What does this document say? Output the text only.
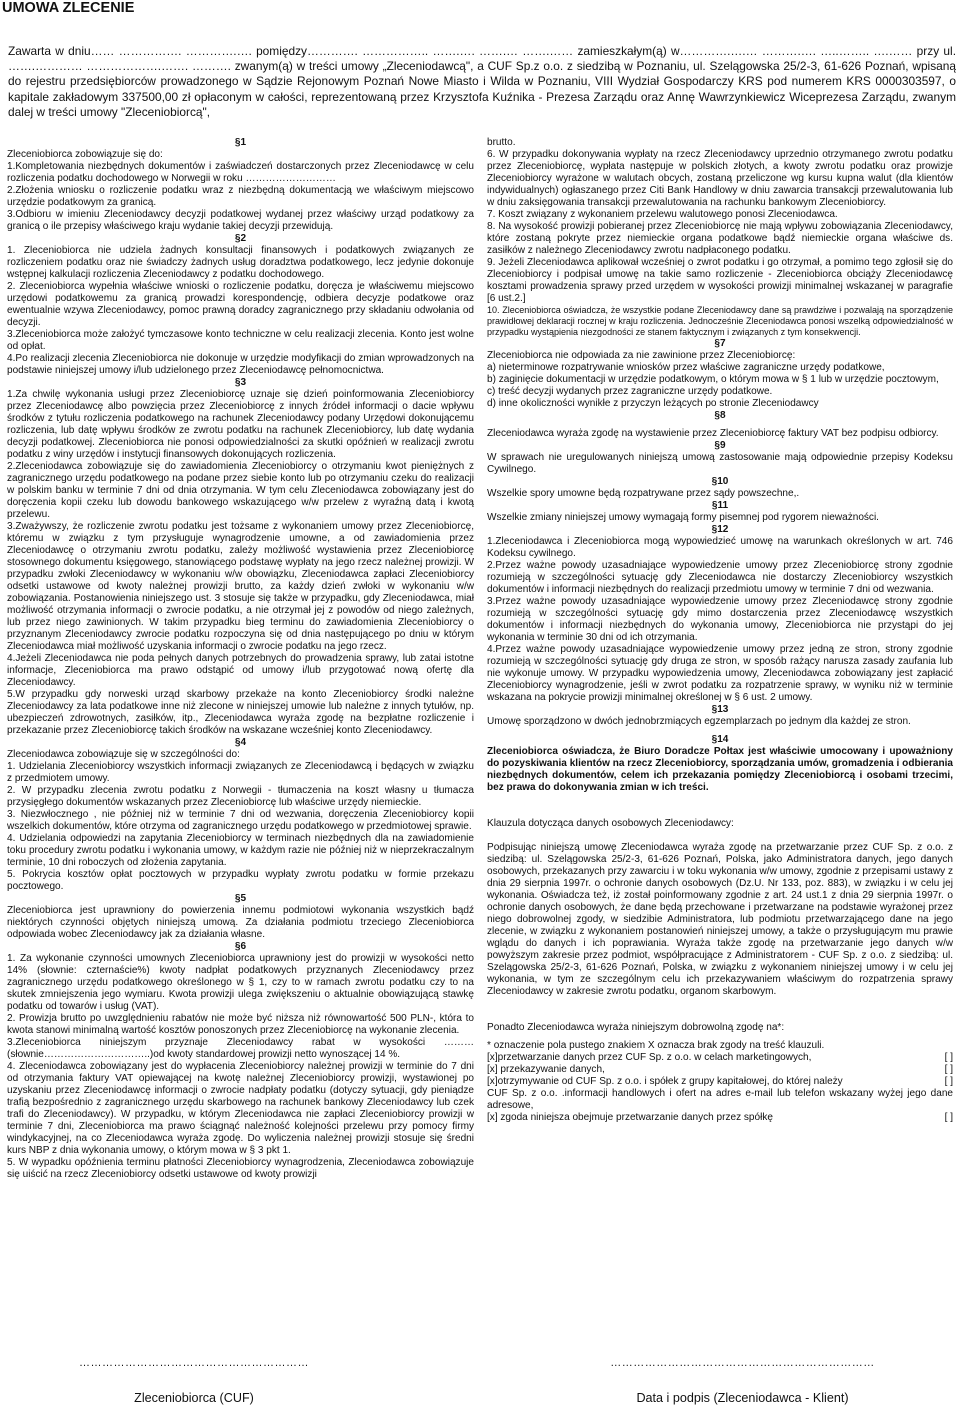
UMOWA ZLECENIE

Zawarta w dniu…… ……………. ………….…. pomiędzy…………. …………….. …….…. …….… …….…… zamieszkałym(ą) w………….….… ……….…. …..…….. ….…… przy ul. …….………… ……………….……. ………. zwanym(ą) w treści umowy „Zleceniodawcą", a CUF Sp.z o.o. z siedzibą w Poznaniu, ul. Szelągowska 25/2-3, 61-626 Poznań, wpisaną do rejestru przedsiębiorców prowadzonego w Sądzie Rejonowym Poznań Nowe Miasto i Wilda w Poznaniu, VIII Wydział Gospodarczy KRS pod numerem KRS 0000303597, o kapitale zakładowym 337500,00 zł opłaconym w całości, reprezentowaną przez Krzysztofa Kuźnika - Prezesa Zarządu oraz Annę Wawrzynkiewicz Wiceprezesa Zarządu, zwanym dalej w treści umowy "Zleceniobiorcą",

§1

Zleceniobiorca zobowiązuje się do:

1.Kompletowania niezbędnych dokumentów i zaświadczeń dostarczonych przez Zleceniodawcę w celu rozliczenia podatku dochodowego w Norwegii w roku ………………………

2.Złożenia wniosku o rozliczenie podatku wraz z niezbędną dokumentacją we właściwym miejscowo urzędzie podatkowym za granicą.

3.Odbioru w imieniu Zleceniodawcy decyzji podatkowej wydanej przez właściwy urząd podatkowy za granicą o ile przepisy właściwego kraju wydanie takiej decyzji przewidują.

§2

1. Zleceniobiorca nie udziela żadnych konsultacji finansowych i podatkowych związanych ze rozliczeniem podatku oraz nie świadczy żadnych usług doradztwa podatkowego, lecz jedynie dokonuje wstępnej kalkulacji rozliczenia Zleceniodawcy z podatku dochodowego.

2. Zleceniobiorca wypełnia właściwe wnioski o rozliczenie podatku, doręcza je właściwemu miejscowo urzędowi podatkowemu za granicą prowadzi korespondencję, odbiera decyzje podatkowe oraz ewentualnie wzywa Zleceniodawcy, pomoc prawną doradcy zagranicznego przy składaniu odwołania od decyzji.

3.Zleceniobiorca może założyć tymczasowe konto techniczne w celu realizacji zlecenia. Konto jest wolne od opłat.

4.Po realizacji zlecenia Zleceniobiorca nie dokonuje w urzędzie modyfikacji do zmian wprowadzonych na podstawie niniejszej umowy i/lub udzielonego przez Zleceniodawcę pełnomocnictwa.

§3

1.Za chwilę wykonania usługi przez Zleceniobiorcę uznaje się dzień poinformowania Zleceniobiorcy przez Zleceniodawcę albo powzięcia przez Zleceniobiorcę z innych źródeł informacji o dacie wpływu środków z tytułu rozliczenia podatkowego na rachunek Zleceniodawcy podany Urzędowi dokonującemu rozliczenia, lub datę wpływu środków ze zwrotu podatku na rachunek Zleceniobiorcy, lub datę wydania decyzji podatkowej. Zleceniobiorca nie ponosi odpowiedzialności za skutki opóźnień w realizacji zwrotu podatku z winy urzędów i instytucji finansowych dokonujących rozliczenia.

2.Zleceniodawca zobowiązuje się do zawiadomienia Zleceniobiorcy o otrzymaniu kwot pieniężnych z zagranicznego urzędu podatkowego na podane przez siebie konto lub po otrzymaniu czeku do realizacji w polskim banku w terminie 7 dni od dnia otrzymania. W tym celu Zleceniodawca zobowiązany jest do doręczenia kopii czeku lub dowodu bankowego wskazującego w/w przelew z wyraźną datą i kwotą przelewu.

3.Zważywszy, że rozliczenie zwrotu podatku jest tożsame z wykonaniem umowy przez Zleceniobiorcę, któremu w związku z tym przysługuje wynagrodzenie umowne, a od zawiadomienia przez Zleceniodawcę o otrzymaniu zwrotu podatku, zależy możliwość wystawienia przez Zleceniobiorcę stosownego dokumentu księgowego, stanowiącego podstawę wypłaty na jego rzecz należnej prowizji. W przypadku zwłoki Zleceniodawcy w wykonaniu w/w obowiązku, Zleceniodawca zapłaci Zleceniobiorcy odsetki ustawowe od kwoty należnej prowizji brutto, za każdy dzień zwłoki w wykonaniu w/w zobowiązania. Postanowienia niniejszego ust. 3 stosuje się także w przypadku, gdy Zleceniodawca, miał możliwość otrzymania informacji o zwrocie podatku, a nie otrzymał jej z powodów od niego zależnych, lub przez niego zawinionych. W takim przypadku bieg terminu do zawiadomienia Zleceniobiorcy o przyznanym Zleceniodawcy zwrocie podatku rozpoczyna się od dnia następującego po dniu w którym Zleceniodawca miał możliwość uzyskania informacji o zwrocie podatku na jego rzecz.

4.Jeżeli Zleceniodawca nie poda pełnych danych potrzebnych do prowadzenia sprawy, lub zatai istotne informacje, Zleceniobiorca ma prawo odstąpić od umowy i/lub przygotować nową ofertę dla Zleceniodawcy.

5.W przypadku gdy norweski urząd skarbowy przekaże na konto Zleceniobiorcy środki należne Zleceniodawcy za lata podatkowe inne niż zlecone w niniejszej umowie lub należne z innych tytułów, np. ubezpieczeń zdrowotnych, zasiłków, itp., Zleceniodawca wyraża zgodę na bezpłatne rozliczenie i przekazanie przez Zleceniobiorcę takich środków na wskazane wcześniej konto Zleceniodawcy.

§4

Zleceniodawca zobowiązuje się w szczególności do:

1. Udzielania Zleceniobiorcy wszystkich informacji związanych ze Zleceniodawcą i będących w związku z przedmiotem umowy.

2. W przypadku zlecenia zwrotu podatku z Norwegii - tłumaczenia na koszt własny u tłumacza przysięgłego dokumentów wskazanych przez Zleceniobiorcę lub właściwe urzędy niemieckie.

3. Niezwłocznego , nie później niż w terminie 7 dni od wezwania, doręczenia Zleceniobiorcy kopii wszelkich dokumentów, które otrzyma od zagranicznego urzędu podatkowego w przedmiotowej sprawie.

4. Udzielania odpowiedzi na zapytania Zleceniobiorcy w terminach niezbędnych dla na zawiadomienie toku procedury zwrotu podatku i wykonania umowy, w każdym razie nie później niż w nieprzekraczalnym terminie, 10 dni roboczych od złożenia zapytania.

5. Pokrycia kosztów opłat pocztowych w przypadku wypłaty zwrotu podatku w formie przekazu pocztowego.

§5

Zleceniobiorca jest uprawniony do powierzenia innemu podmiotowi wykonania wszystkich bądź niektórych czynności objętych niniejszą umową. Za działania podmiotu trzeciego Zleceniobiorca odpowiada wobec Zleceniodawcy jak za działania własne.

§6

1. Za wykonanie czynności umownych Zleceniobiorca uprawniony jest do prowizji w wysokości netto 14% (słownie: czternaście%) kwoty nadpłat podatkowych przyznanych Zleceniodawcy przez zagranicznego urzędu podatkowego określonego w § 1, czy to w ramach zwrotu podatku czy to na skutek zmniejszenia jego wymiaru. Kwota prowizji ulega zwiększeniu o aktualnie obowiązującą stawkę podatku od towarów i usług (VAT).

2. Prowizja brutto po uwzględnieniu rabatów nie może być niższa niż równowartość 500 PLN-, która to kwota stanowi minimalną wartość kosztów ponoszonych przez Zleceniobiorcę na wykonanie zlecenia.

3.Zleceniobiorca niniejszym przyznaje Zleceniodawcy rabat w wysokości ………(słownie…………………………..)od kwoty standardowej prowizji netto wynoszącej 14 %.

4. Zleceniodawca zobowiązany jest do wypłacenia Zleceniobiorcy należnej prowizji w terminie do 7 dni od otrzymania faktury VAT opiewającej na kwotę należnej Zleceniobiorcy prowizji, wystawionej po uzyskaniu przez Zleceniodawcę informacji o zwrocie nadpłaty podatku (dotyczy sytuacji, gdy pieniądze trafią bezpośrednio z zagranicznego urzędu skarbowego na rachunek bankowy Zleceniodawcy lub czek trafi do Zleceniodawcy). W przypadku, w którym Zleceniodawca nie zapłaci Zleceniobiorcy prowizji w terminie 7 dni, Zleceniobiorca ma prawo ściągnąć należność kolejności przelewu przy pomocy firmy windykacyjnej, na co Zleceniodawca wyraża zgodę. Do wyliczenia należnej prowizji stosuje się średni kurs NBP z dnia wykonania umowy, o którym mowa w § 3 pkt 1.

5. W wypadku opóźnienia terminu płatności Zleceniobiorcy wynagrodzenia, Zleceniodawca zobowiązuje się uiścić na rzecz Zleceniobiorcy odsetki ustawowe od kwoty prowizji

brutto.

6. W przypadku dokonywania wypłaty na rzecz Zleceniodawcy uprzednio otrzymanego zwrotu podatku przez Zleceniobiorcę, wypłata następuje w polskich złotych, a kwoty zwrotu podatku oraz prowizje Zleceniobiorcy wyrażone w walutach obcych, zostaną przeliczone wg kursu kupna walut (dla klientów indywidualnych) ogłaszanego przez Citi Bank Handlowy w dniu zawarcia transakcji przewalutowania lub w dniu zaksięgowania transakcji przewalutowania na rachunku bankowym Zleceniobiorcy.

7. Koszt związany z wykonaniem przelewu walutowego ponosi Zleceniodawca.

8. Na wysokość prowizji pobieranej przez Zleceniobiorcę nie mają wpływu zobowiązania Zleceniodawcy, które zostaną pokryte przez niemieckie organa podatkowe bądź niemieckie organa właściwe ds. zasiłków z należnego Zleceniodawcy zwrotu nadpłaconego podatku.

9. Jeżeli Zleceniodawca aplikował wcześniej o zwrot podatku i go otrzymał, a pomimo tego zgłosił się do Zleceniobiorcy i podpisał umowę na takie samo rozliczenie - Zleceniobiorca obciąży Zleceniodawcę kosztami prowadzenia sprawy przed urzędem w wysokości prowizji minimalnej wskazanej w paragrafie [6 ust.2.]

10. Zleceniobiorca oświadcza, że wszystkie podane Zleceniodawcy dane są prawdziwe i pozwalają na sporządzenie prawidłowej deklaracji rocznej w kraju rozliczenia. Jednocześnie Zleceniodawca ponosi wszelką odpowiedzialność w przypadku wystąpienia niezgodności ze stanem faktycznym i związanych z tym konsekwencji.

§7

Zleceniobiorca nie odpowiada za nie zawinione przez Zleceniobiorcę:

a) nieterminowe rozpatrywanie wniosków przez właściwe zagraniczne urzędy podatkowe,

b) zaginięcie dokumentacji w urzędzie podatkowym, o którym mowa w § 1 lub w urzędzie pocztowym,

c) treść decyzji wydanych przez zagraniczne urzędy podatkowe.

d) inne okoliczności wynikłe z przyczyn leżących po stronie Zleceniodawcy

§8

Zleceniodawca wyraża zgodę na wystawienie przez Zleceniobiorcę faktury VAT bez podpisu odbiorcy.

§9

W sprawach nie uregulowanych niniejszą umową zastosowanie mają odpowiednie przepisy Kodeksu Cywilnego.

§10

Wszelkie spory umowne będą rozpatrywane przez sądy powszechne,.

§11

Wszelkie zmiany niniejszej umowy wymagają formy pisemnej pod rygorem nieważności.

§12

1.Zleceniodawca i Zleceniobiorca mogą wypowiedzieć umowę na warunkach określonych w art. 746 Kodeksu cywilnego.

2.Przez ważne powody uzasadniające wypowiedzenie umowy przez Zleceniobiorcę strony zgodnie rozumieją w szczególności sytuację gdy Zleceniodawca nie dostarczy Zleceniobiorcy wszystkich dokumentów i informacji niezbędnych do realizacji przedmiotu umowy w terminie 7 dni od wezwania.

3.Przez ważne powody uzasadniające wypowiedzenie umowy przez Zleceniodawcę strony zgodnie rozumieją w szczególności sytuację gdy mimo dostarczenia przez Zleceniodawcę wszystkich dokumentów i informacji niezbędnych do wykonania umowy, Zleceniobiorca nie przystąpi do jej wykonania w terminie 30 dni od ich otrzymania.

4.Przez ważne powody uzasadniające wypowiedzenie umowy przez jedną ze stron, strony zgodnie rozumieją w szczególności sytuację gdy druga ze stron, w sposób rażący narusza zasady zaufania lub nie wykonuje umowy. W przypadku wypowiedzenia umowy, Zleceniodawca zobowiązany jest zapłacić Zleceniobiorcy wynagrodzenie, jeśli w zwrot podatku za rozpatrzenie sprawy, w wyniku niż w terminie wskazana na pokrycie prowizji minimalnej określonej w § 6 ust. 2 umowy.

§13

Umowę sporządzono w dwóch jednobrzmiących egzemplarzach po jednym dla każdej ze stron.

§14

Zleceniobiorca oświadcza, że Biuro Doradcze Połtax jest właściwie umocowany i upoważniony do pozyskiwania klientów na rzecz Zleceniobiorcy, sporządzania umów, gromadzenia i odbierania niezbędnych dokumentów, celem ich przekazania pomiędzy Zleceniobiorcą i osobami trzecimi, bez prawa do dokonywania zmian w ich treści.

Klauzula dotycząca danych osobowych Zleceniodawcy:

Podpisując niniejszą umowę Zleceniodawca wyraża zgodę na przetwarzanie przez CUF Sp. z o.o. z siedzibą: ul. Szelągowska 25/2-3, 61-626 Poznań, Polska, jako Administratora danych, jego danych osobowych, przekazanych przy zawarciu i w toku wykonania w/w umowy, zgodnie z przepisami ustawy z dnia 29 sierpnia 1997r. o ochronie danych osobowych (Dz.U. Nr 133, poz. 883), w związku i w celu jej wykonania. Oświadcza też, iż został poinformowany zgodnie z art. 24 ust.1 z dnia 29 sierpnia 1997r. o ochronie danych osobowych, że dane będą przechowane i przetwarzane na podstawie wyrażonej przez niego dobrowolnej zgody, w siedzibie Administratora, lub podmiotu przetwarzającego dane na jego zlecenie, w związku z wykonaniem postanowień niniejszej umowy, a także o przysługującym mu prawie wglądu do danych i ich poprawiania. Wyraża także zgodę na przetwarzanie jego danych w/w powyższym zakresie przez podmiot, współpracujące z Administratorem - CUF Sp. z o.o. z siedzibą: ul. Szelągowska 25/2-3, 61-626 Poznań, Polska, w związku z wykonaniem niniejszej umowy i w celu jej wykonania, w tym ze szczególnym celu ich przekazywaniem właściwym do rozpatrzenia sprawy Zleceniodawcy w zakresie zwrotu podatku, organom skarbowym.

Ponadto Zleceniodawca wyraża niniejszym dobrowolną zgodę na*:

* oznaczenie pola pustego znakiem X oznacza brak zgody na treść klauzuli.

[x]przetwarzanie danych przez CUF Sp. z o.o. w celach marketingowych,	[ ]
[x] przekazywanie danych,	[ ]
[x]otrzymywanie od CUF Sp. z o.o. i spółek z grupy kapitałowej, do której należy	[ ]

CUF Sp. z o.o. .informacji handlowych i ofert na adres e-mail lub telefon wskazany wyżej jego dane adresowe,

[x] zgoda niniejsza obejmuje przetwarzanie danych przez spółkę	[ ]
……………………………………………………
Zleceniobiorca (CUF)
……………………………………………………………
Data i podpis (Zleceniodawca - Klient)
